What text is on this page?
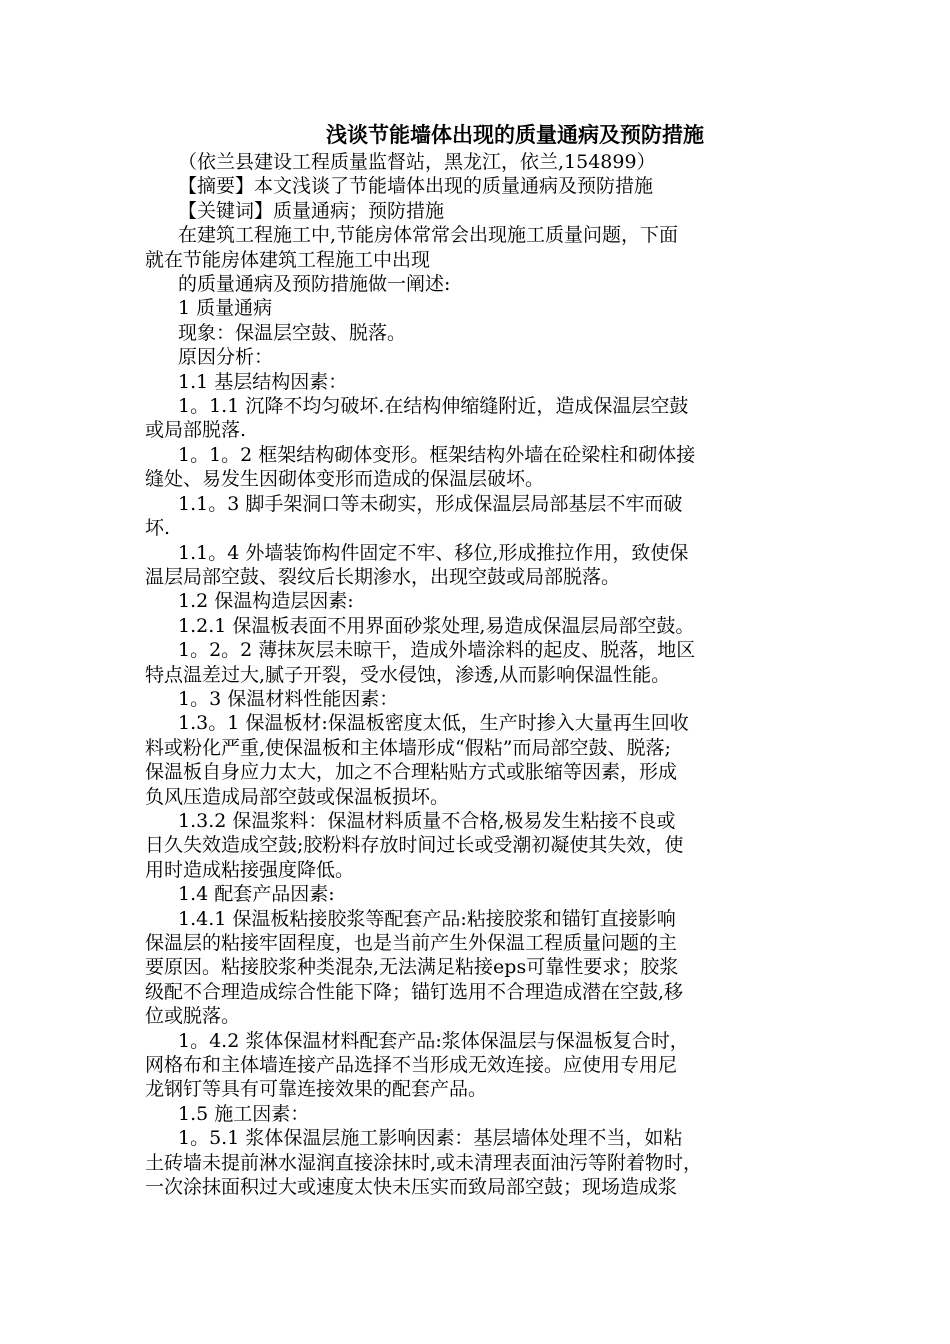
浅谈节能墙体出现的质量通病及预防措施

（依兰县建设工程质量监督站，黑龙江，依兰,154899）

【摘要】本文浅谈了节能墙体出现的质量通病及预防措施

【关键词】质量通病；预防措施

在建筑工程施工中,节能房体常常会出现施工质量问题，下面

就在节能房体建筑工程施工中出现

的质量通病及预防措施做一阐述:

1 质量通病

现象：保温层空鼓、脱落。

原因分析：

1.1 基层结构因素：

1。1.1 沉降不均匀破坏.在结构伸缩缝附近，造成保温层空鼓

或局部脱落.

1。1。2 框架结构砌体变形。框架结构外墙在砼梁柱和砌体接

缝处、易发生因砌体变形而造成的保温层破坏。

1.1。3 脚手架洞口等未砌实，形成保温层局部基层不牢而破

坏.

1.1。4 外墙装饰构件固定不牢、移位,形成推拉作用，致使保

温层局部空鼓、裂纹后长期渗水，出现空鼓或局部脱落。

1.2 保温构造层因素:

1.2.1 保温板表面不用界面砂浆处理,易造成保温层局部空鼓。

1。2。2 薄抹灰层未晾干，造成外墙涂料的起皮、脱落，地区

特点温差过大,腻子开裂，受水侵蚀，渗透,从而影响保温性能。

1。3 保温材料性能因素：

1.3。1 保温板材:保温板密度太低，生产时掺入大量再生回收

料或粉化严重,使保温板和主体墙形成“假粘”而局部空鼓、脱落;

保温板自身应力太大，加之不合理粘贴方式或胀缩等因素，形成

负风压造成局部空鼓或保温板损坏。

1.3.2 保温浆料：保温材料质量不合格,极易发生粘接不良或

日久失效造成空鼓;胶粉料存放时间过长或受潮初凝使其失效，使

用时造成粘接强度降低。

1.4 配套产品因素:

1.4.1 保温板粘接胶浆等配套产品:粘接胶浆和锚钉直接影响

保温层的粘接牢固程度，也是当前产生外保温工程质量问题的主

要原因。粘接胶浆种类混杂,无法满足粘接eps可靠性要求；胶浆

级配不合理造成综合性能下降；锚钉选用不合理造成潜在空鼓,移

位或脱落。

1。4.2 浆体保温材料配套产品:浆体保温层与保温板复合时，

网格布和主体墙连接产品选择不当形成无效连接。应使用专用尼

龙钢钉等具有可靠连接效果的配套产品。

1.5 施工因素：

1。5.1 浆体保温层施工影响因素：基层墙体处理不当，如粘

土砖墙未提前淋水湿润直接涂抹时,或未清理表面油污等附着物时，

一次涂抹面积过大或速度太快未压实而致局部空鼓；现场造成浆
